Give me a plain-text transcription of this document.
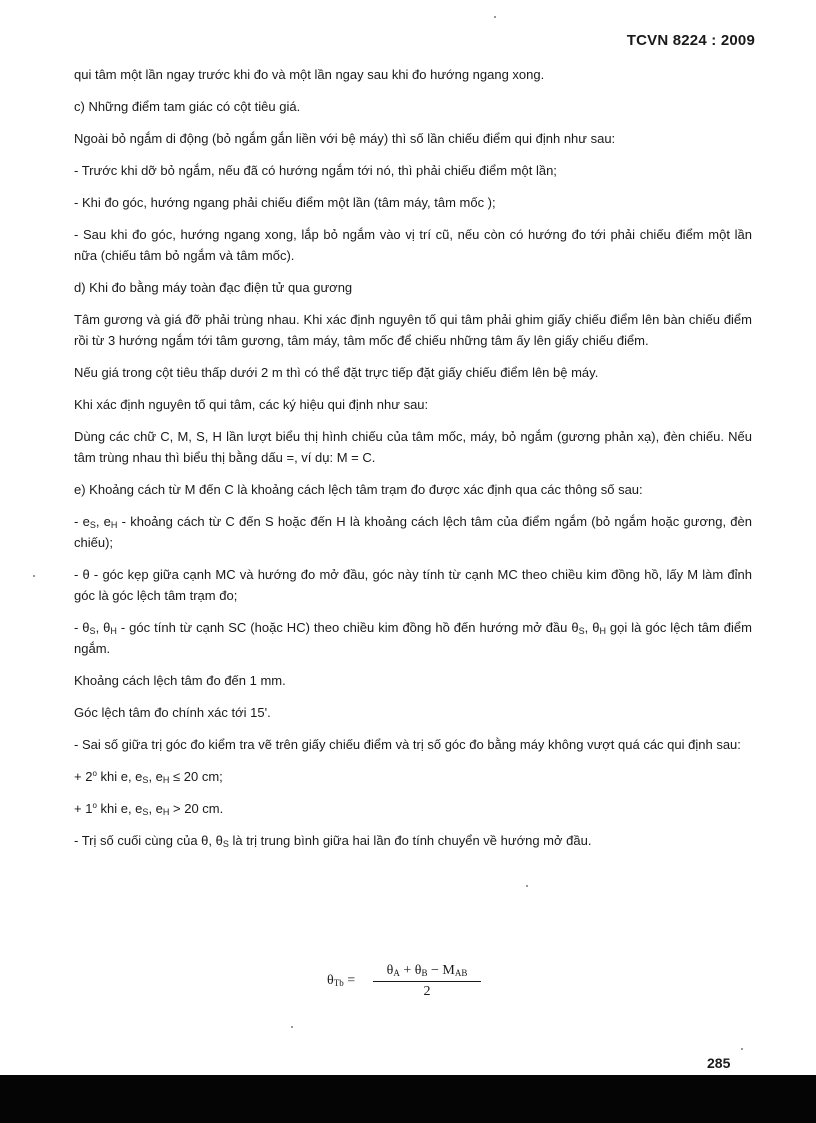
TCVN 8224 : 2009

qui tâm một lần ngay trước khi đo và một lần ngay sau khi đo hướng ngang xong.

c) Những điểm tam giác có cột tiêu giá.

Ngoài bỏ ngắm di động (bỏ ngắm gắn liền với bệ máy) thì số lần chiếu điểm qui định như sau:

- Trước khi dỡ bỏ ngắm, nếu đã có hướng ngắm tới nó, thì phải chiếu điểm một lần;

- Khi đo góc, hướng ngang phải chiếu điểm một lần (tâm máy, tâm mốc );

- Sau khi đo góc, hướng ngang xong, lắp bỏ ngắm vào vị trí cũ, nếu còn có hướng đo tới phải chiếu điểm một lần nữa (chiếu tâm bỏ ngắm và tâm mốc).

d) Khi đo bằng máy toàn đạc điện tử qua gương

Tâm gương và giá đỡ phải trùng nhau. Khi xác định nguyên tố qui tâm phải ghim giấy chiếu điểm lên bàn chiếu điểm rồi từ 3 hướng ngắm tới tâm gương, tâm máy, tâm mốc để chiếu những tâm ấy lên giấy chiếu điểm.

Nếu giá trong cột tiêu thấp dưới 2 m thì có thể đặt trực tiếp đặt giấy chiếu điểm lên bệ máy.

Khi xác định nguyên tố qui tâm, các ký hiệu qui định như sau:

Dùng các chữ C, M, S, H lần lượt biểu thị hình chiếu của tâm mốc, máy, bỏ ngắm (gương phản xạ), đèn chiếu. Nếu tâm trùng nhau thì biểu thị bằng dấu =, ví dụ: M = C.

e) Khoảng cách từ M đến C là khoảng cách lệch tâm trạm đo được xác định qua các thông số sau:

- $e_S$, $e_H$ - khoảng cách từ C đến S hoặc đến H là khoảng cách lệch tâm của điểm ngắm (bỏ ngắm hoặc gương, đèn chiếu);

- θ - góc kẹp giữa cạnh MC và hướng đo mở đầu, góc này tính từ cạnh MC theo chiều kim đồng hồ, lấy M làm đỉnh góc là góc lệch tâm trạm đo;

- $\theta_S$, $\theta_H$ - góc tính từ cạnh SC (hoặc HC) theo chiều kim đồng hồ đến hướng mở đầu $\theta_S$, $\theta_H$ gọi là góc lệch tâm điểm ngắm.

Khoảng cách lệch tâm đo đến 1 mm.

Góc lệch tâm đo chính xác tới 15'.

- Sai số giữa trị góc đo kiểm tra vẽ trên giấy chiếu điểm và trị số góc đo bằng máy không vượt quá các qui định sau:

+ $2^o$ khi e, $e_S$, $e_H \le 20$ cm;

+ $1^o$ khi e, $e_S$, $e_H > 20$ cm.

- Trị số cuối cùng của θ, $\theta_S$ là trị trung bình giữa hai lần đo tính chuyển về hướng mở đầu.

$\theta_{Tb}$ =
$\theta_A + \theta_B - M_{AB}$
2
285
